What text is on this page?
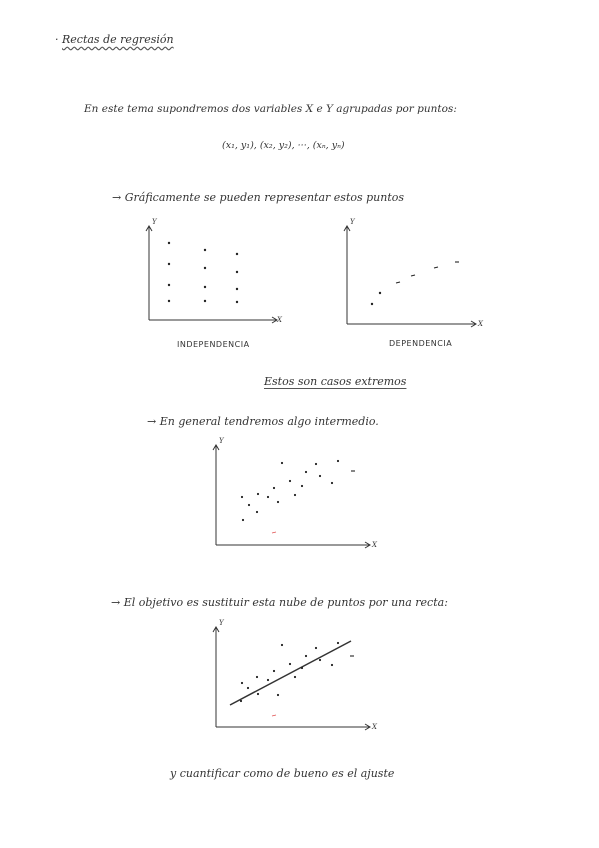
Rectas de regresión
·
En este tema supondremos dos variables X e Y agrupadas por puntos:
(x₁, y₁), (x₂, y₂), ···, (xₙ, yₙ)
→ Gráficamente se pueden representar estos puntos
Y
X
Y
X
Y
X
Y
X
INDEPENDENCIA	DEPENDENCIA
Estos son casos extremos
→ En general tendremos algo intermedio.
→ El objetivo es sustituir esta nube de puntos por una recta:
y cuantificar como de bueno es el ajuste
